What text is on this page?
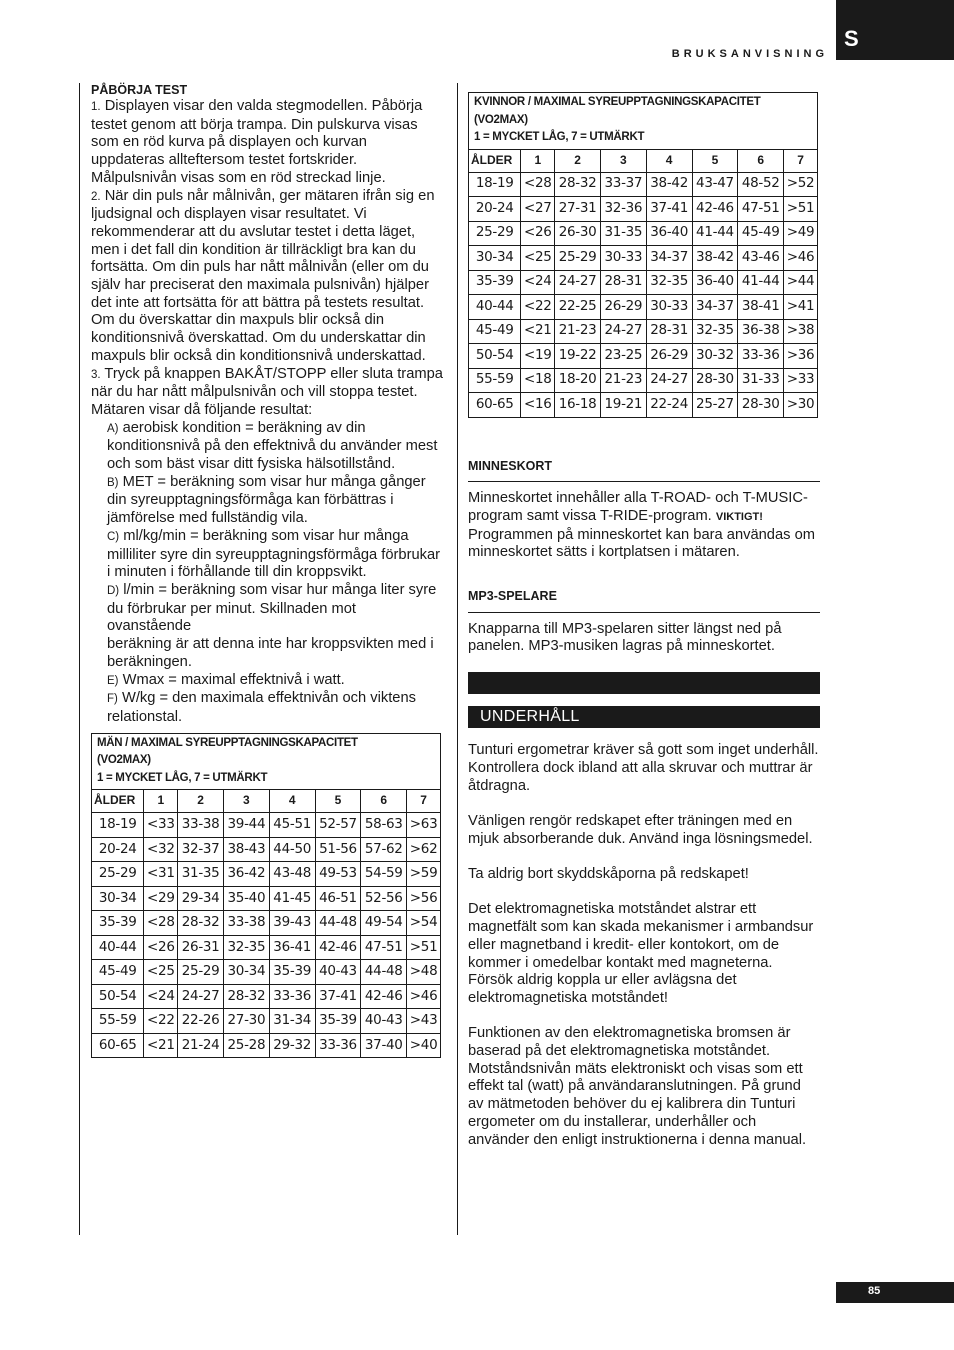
BRUKSANVISNING
S
PÅBÖRJA TEST

1. Displayen visar den valda stegmodellen. Påbörja testet genom att börja trampa. Din pulskurva visas som en röd kurva på displayen och kurvan uppdateras allteftersom testet fortskrider. Målpulsnivån visas som en röd streckad linje.

2. När din puls når målnivån, ger mätaren ifrån sig en ljudsignal och displayen visar resultatet. Vi rekommenderar att du avslutar testet i detta läget, men i det fall din kondition är tillräckligt bra kan du fortsätta. Om din puls har nått målnivån (eller om du själv har preciserat den maximala pulsnivån) hjälper det inte att fortsätta för att bättra på testets resultat. Om du överskattar din maxpuls blir också din konditionsnivå överskattad. Om du underskattar din maxpuls blir också din konditionsnivå underskattad.

3. Tryck på knappen BAKÅT/STOPP eller sluta trampa när du har nått målpulsnivån och vill stoppa testet. Mätaren visar då följande resultat:

A) aerobisk kondition = beräkning av din konditionsnivå på den effektnivå du använder mest och som bäst visar ditt fysiska hälsotillstånd.

B) MET = beräkning som visar hur många gånger din syreupptagningsförmåga kan förbättras i jämförelse med fullständig vila.

C) ml/kg/min = beräkning som visar hur många milliliter syre din syreupptagningsförmåga förbrukar i minuten i förhållande till din kroppsvikt.

D) l/min = beräkning som visar hur många liter syre du förbrukar per minut. Skillnaden mot ovanstående
beräkning är att denna inte har kroppsvikten med i beräkningen.

E) Wmax = maximal effektnivå i watt.

F) W/kg = den maximala effektnivån och viktens relationstal.

MÄN / MAXIMAL SYREUPPTAGNINGSKAPACITET
(VO2MAX)
1 = MYCKET LÅG, 7 = UTMÄRKT							
ÅLDER	1	2	3	4	5	6	7
18-19	<33	33-38	39-44	45-51	52-57	58-63	>63
20-24	<32	32-37	38-43	44-50	51-56	57-62	>62
25-29	<31	31-35	36-42	43-48	49-53	54-59	>59
30-34	<29	29-34	35-40	41-45	46-51	52-56	>56
35-39	<28	28-32	33-38	39-43	44-48	49-54	>54
40-44	<26	26-31	32-35	36-41	42-46	47-51	>51
45-49	<25	25-29	30-34	35-39	40-43	44-48	>48
50-54	<24	24-27	28-32	33-36	37-41	42-46	>46
55-59	<22	22-26	27-30	31-34	35-39	40-43	>43
60-65	<21	21-24	25-28	29-32	33-36	37-40	>40
KVINNOR / MAXIMAL SYREUPPTAGNINGSKAPACITET
(VO2MAX)
1 = MYCKET LÅG, 7 = UTMÄRKT							
ÅLDER	1	2	3	4	5	6	7
18-19	<28	28-32	33-37	38-42	43-47	48-52	>52
20-24	<27	27-31	32-36	37-41	42-46	47-51	>51
25-29	<26	26-30	31-35	36-40	41-44	45-49	>49
30-34	<25	25-29	30-33	34-37	38-42	43-46	>46
35-39	<24	24-27	28-31	32-35	36-40	41-44	>44
40-44	<22	22-25	26-29	30-33	34-37	38-41	>41
45-49	<21	21-23	24-27	28-31	32-35	36-38	>38
50-54	<19	19-22	23-25	26-29	30-32	33-36	>36
55-59	<18	18-20	21-23	24-27	28-30	31-33	>33
60-65	<16	16-18	19-21	22-24	25-27	28-30	>30
MINNESKORT

Minneskortet innehåller alla T-ROAD- och T-MUSIC-program samt vissa T-RIDE-program. VIKTIGT! Programmen på minneskortet kan bara användas om minneskortet sätts i kortplatsen i mätaren.

MP3-SPELARE

Knapparna till MP3-spelaren sitter längst ned på panelen. MP3-musiken lagras på minneskortet.

UNDERHÅLL

Tunturi ergometrar kräver så gott som inget underhåll. Kontrollera dock ibland att alla skruvar och muttrar är åtdragna.

Vänligen rengör redskapet efter träningen med en mjuk absorberande duk. Använd inga lösningsmedel.

Ta aldrig bort skyddskåporna på redskapet!

Det elektromagnetiska motståndet alstrar ett magnetfält som kan skada mekanismer i armbandsur eller magnetband i kredit- eller kontokort, om de kommer i omedelbar kontakt med magneterna. Försök aldrig koppla ur eller avlägsna det elektromagnetiska motståndet!

Funktionen av den elektromagnetiska bromsen är baserad på det elektromagnetiska motståndet. Motståndsnivån mäts elektroniskt och visas som ett effekt tal (watt) på användaranslutningen. På grund av mätmetoden behöver du ej kalibrera din Tunturi ergometer om du installerar, underhåller och använder den enligt instruktionerna i denna manual.

85
